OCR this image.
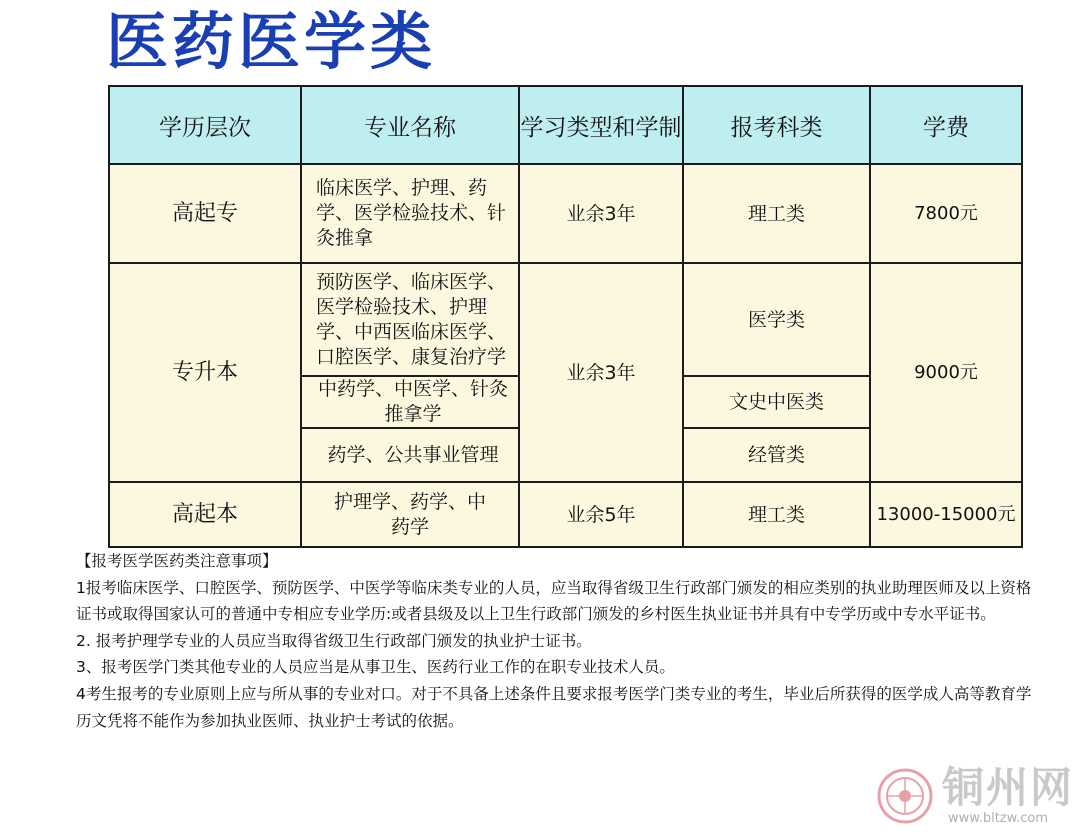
医药医学类
学历层次	专业名称	学习类型和学制	报考科类	学费
高起专	临床医学、护理、药学、医学检验技术、针灸推拿	业余3年	理工类	7800元
专升本	预防医学、临床医学、医学检验技术、护理学、中西医临床医学、口腔医学、康复治疗学	业余3年	医学类	9000元
	中药学、中医学、针灸推拿学		文史中医类	
	药学、公共事业管理		经管类	
高起本	护理学、药学、中药学	业余5年	理工类	13000-15000元

【报考医学医药类注意事项】

1报考临床医学、口腔医学、预防医学、中医学等临床类专业的人员，应当取得省级卫生行政部门颁发的相应类别的执业助理医师及以上资格证书或取得国家认可的普通中专相应专业学历:或者县级及以上卫生行政部门颁发的乡村医生执业证书并具有中专学历或中专水平证书。

2. 报考护理学专业的人员应当取得省级卫生行政部门颁发的执业护士证书。

3、报考医学门类其他专业的人员应当是从事卫生、医药行业工作的在职专业技术人员。

4考生报考的专业原则上应与所从事的专业对口。对于不具备上述条件且要求报考医学门类专业的考生，毕业后所获得的医学成人高等教育学历文凭将不能作为参加执业医师、执业护士考试的依据。

铜州网
www.bltzw.com
